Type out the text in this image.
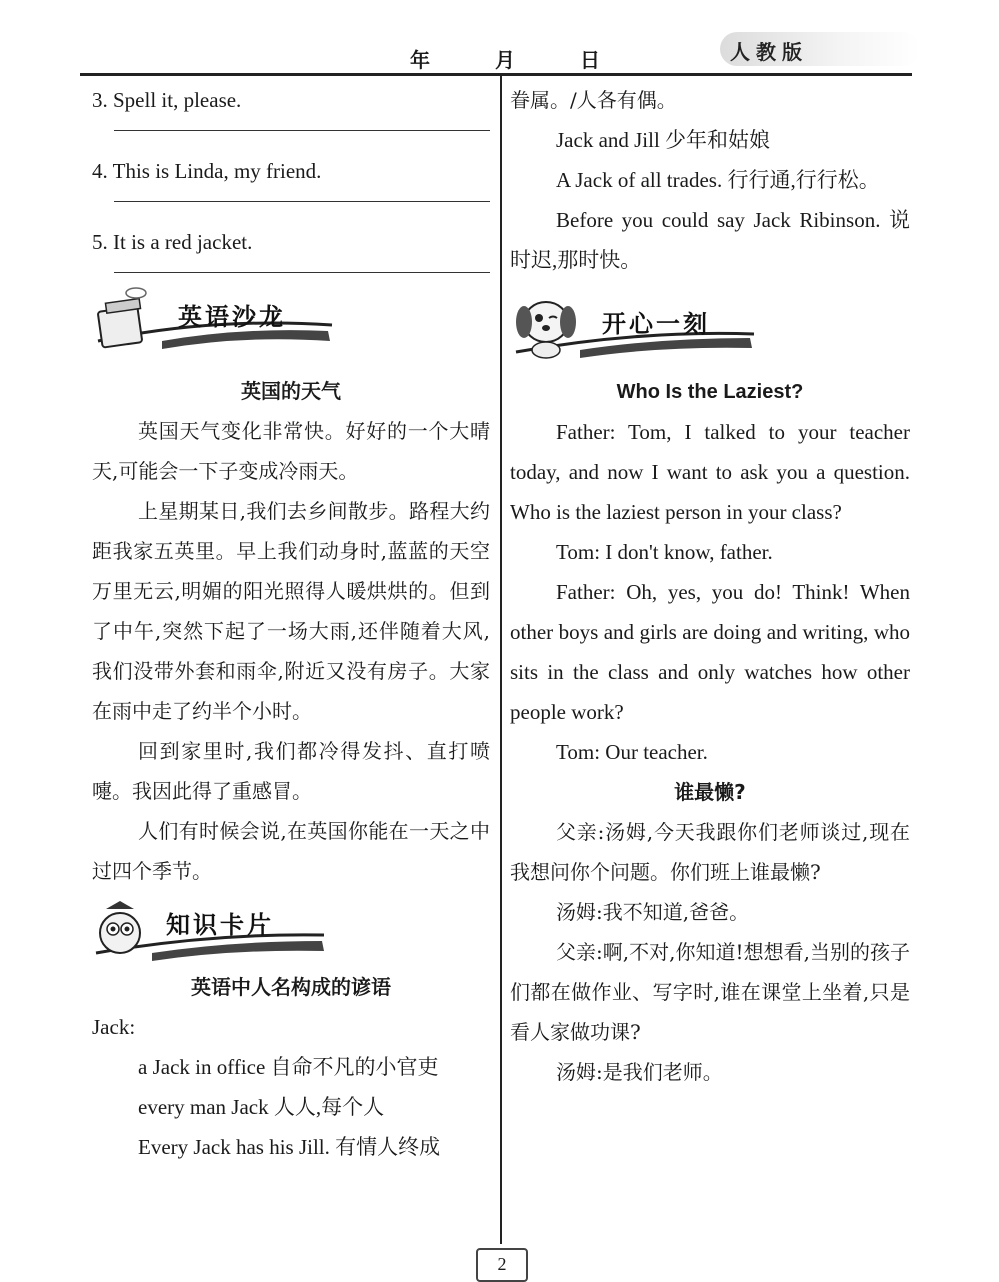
年	月	日	人教版

3. Spell it, please.

4. This is Linda, my friend.

5. It is a red jacket.

英语沙龙
英国的天气

英国天气变化非常快。好好的一个大晴天,可能会一下子变成冷雨天。

上星期某日,我们去乡间散步。路程大约距我家五英里。早上我们动身时,蓝蓝的天空万里无云,明媚的阳光照得人暖烘烘的。但到了中午,突然下起了一场大雨,还伴随着大风,我们没带外套和雨伞,附近又没有房子。大家在雨中走了约半个小时。

回到家里时,我们都冷得发抖、直打喷嚏。我因此得了重感冒。

人们有时候会说,在英国你能在一天之中过四个季节。

知识卡片
英语中人名构成的谚语

Jack:

a Jack in office 自命不凡的小官吏

every man Jack 人人,每个人

Every Jack has his Jill. 有情人终成

眷属。/人各有偶。

Jack and Jill 少年和姑娘

A Jack of all trades. 行行通,行行松。

Before you could say Jack Ribinson. 说时迟,那时快。

开心一刻
Who Is the Laziest?

Father: Tom, I talked to your teacher today, and now I want to ask you a question. Who is the laziest person in your class?

Tom: I don't know, father.

Father: Oh, yes, you do! Think! When other boys and girls are doing and writing, who sits in the class and only watches how other people work?

Tom: Our teacher.

谁最懒?

父亲:汤姆,今天我跟你们老师谈过,现在我想问你个问题。你们班上谁最懒?

汤姆:我不知道,爸爸。

父亲:啊,不对,你知道!想想看,当别的孩子们都在做作业、写字时,谁在课堂上坐着,只是看人家做功课?

汤姆:是我们老师。

2
